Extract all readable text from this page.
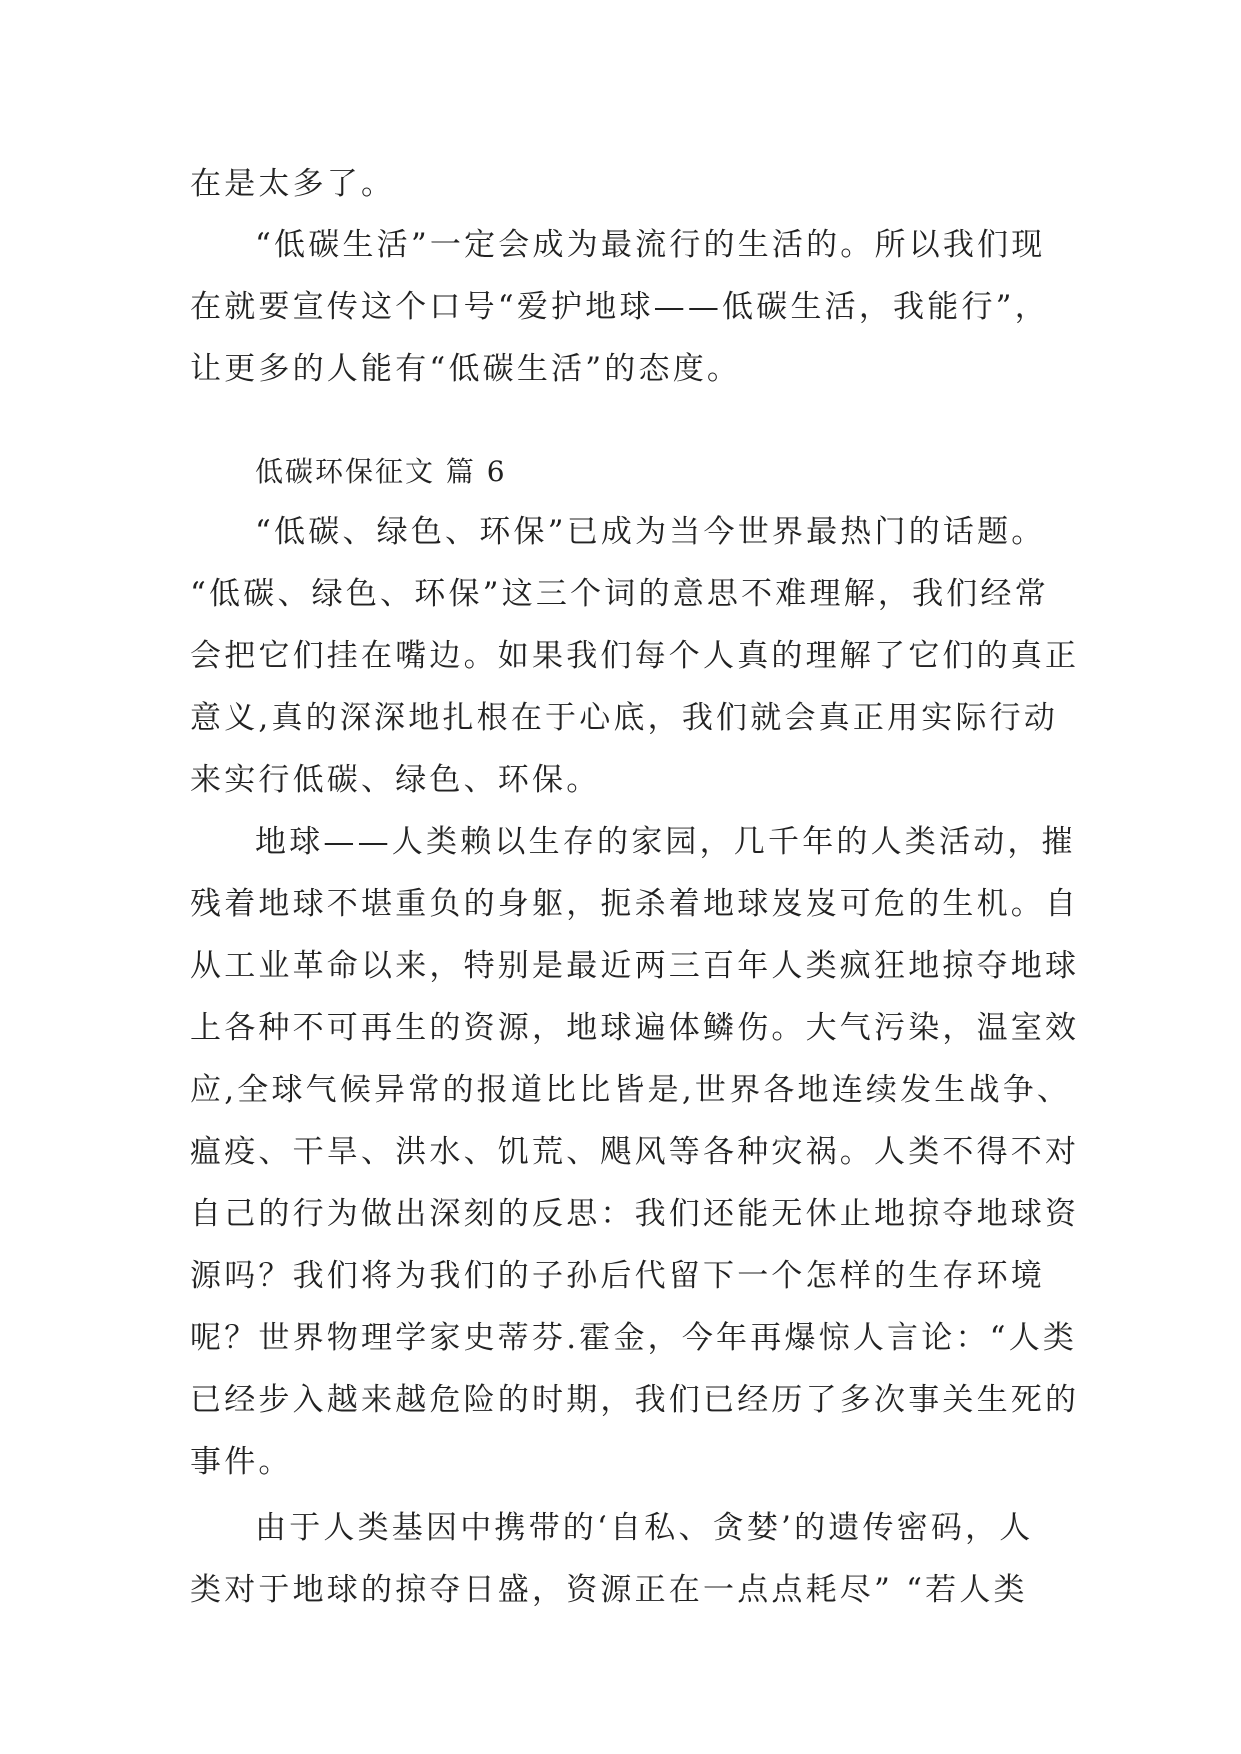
在是太多了。
“低碳生活”一定会成为最流行的生活的。所以我们现
在就要宣传这个口号“爱护地球——低碳生活，我能行”，
让更多的人能有“低碳生活”的态度。
低碳环保征文 篇 6
“低碳、绿色、环保”已成为当今世界最热门的话题。
“低碳、绿色、环保”这三个词的意思不难理解，我们经常
会把它们挂在嘴边。如果我们每个人真的理解了它们的真正
意义,真的深深地扎根在于心底，我们就会真正用实际行动
来实行低碳、绿色、环保。
地球——人类赖以生存的家园，几千年的人类活动，摧
残着地球不堪重负的身躯，扼杀着地球岌岌可危的生机。自
从工业革命以来，特别是最近两三百年人类疯狂地掠夺地球
上各种不可再生的资源，地球遍体鳞伤。大气污染，温室效
应,全球气候异常的报道比比皆是,世界各地连续发生战争、
瘟疫、干旱、洪水、饥荒、飓风等各种灾祸。人类不得不对
自己的行为做出深刻的反思：我们还能无休止地掠夺地球资
源吗？我们将为我们的子孙后代留下一个怎样的生存环境
呢？世界物理学家史蒂芬.霍金，今年再爆惊人言论：“人类
已经步入越来越危险的时期，我们已经历了多次事关生死的
事件。
由于人类基因中携带的‘自私、贪婪’的遗传密码，人
类对于地球的掠夺日盛，资源正在一点点耗尽” “若人类
